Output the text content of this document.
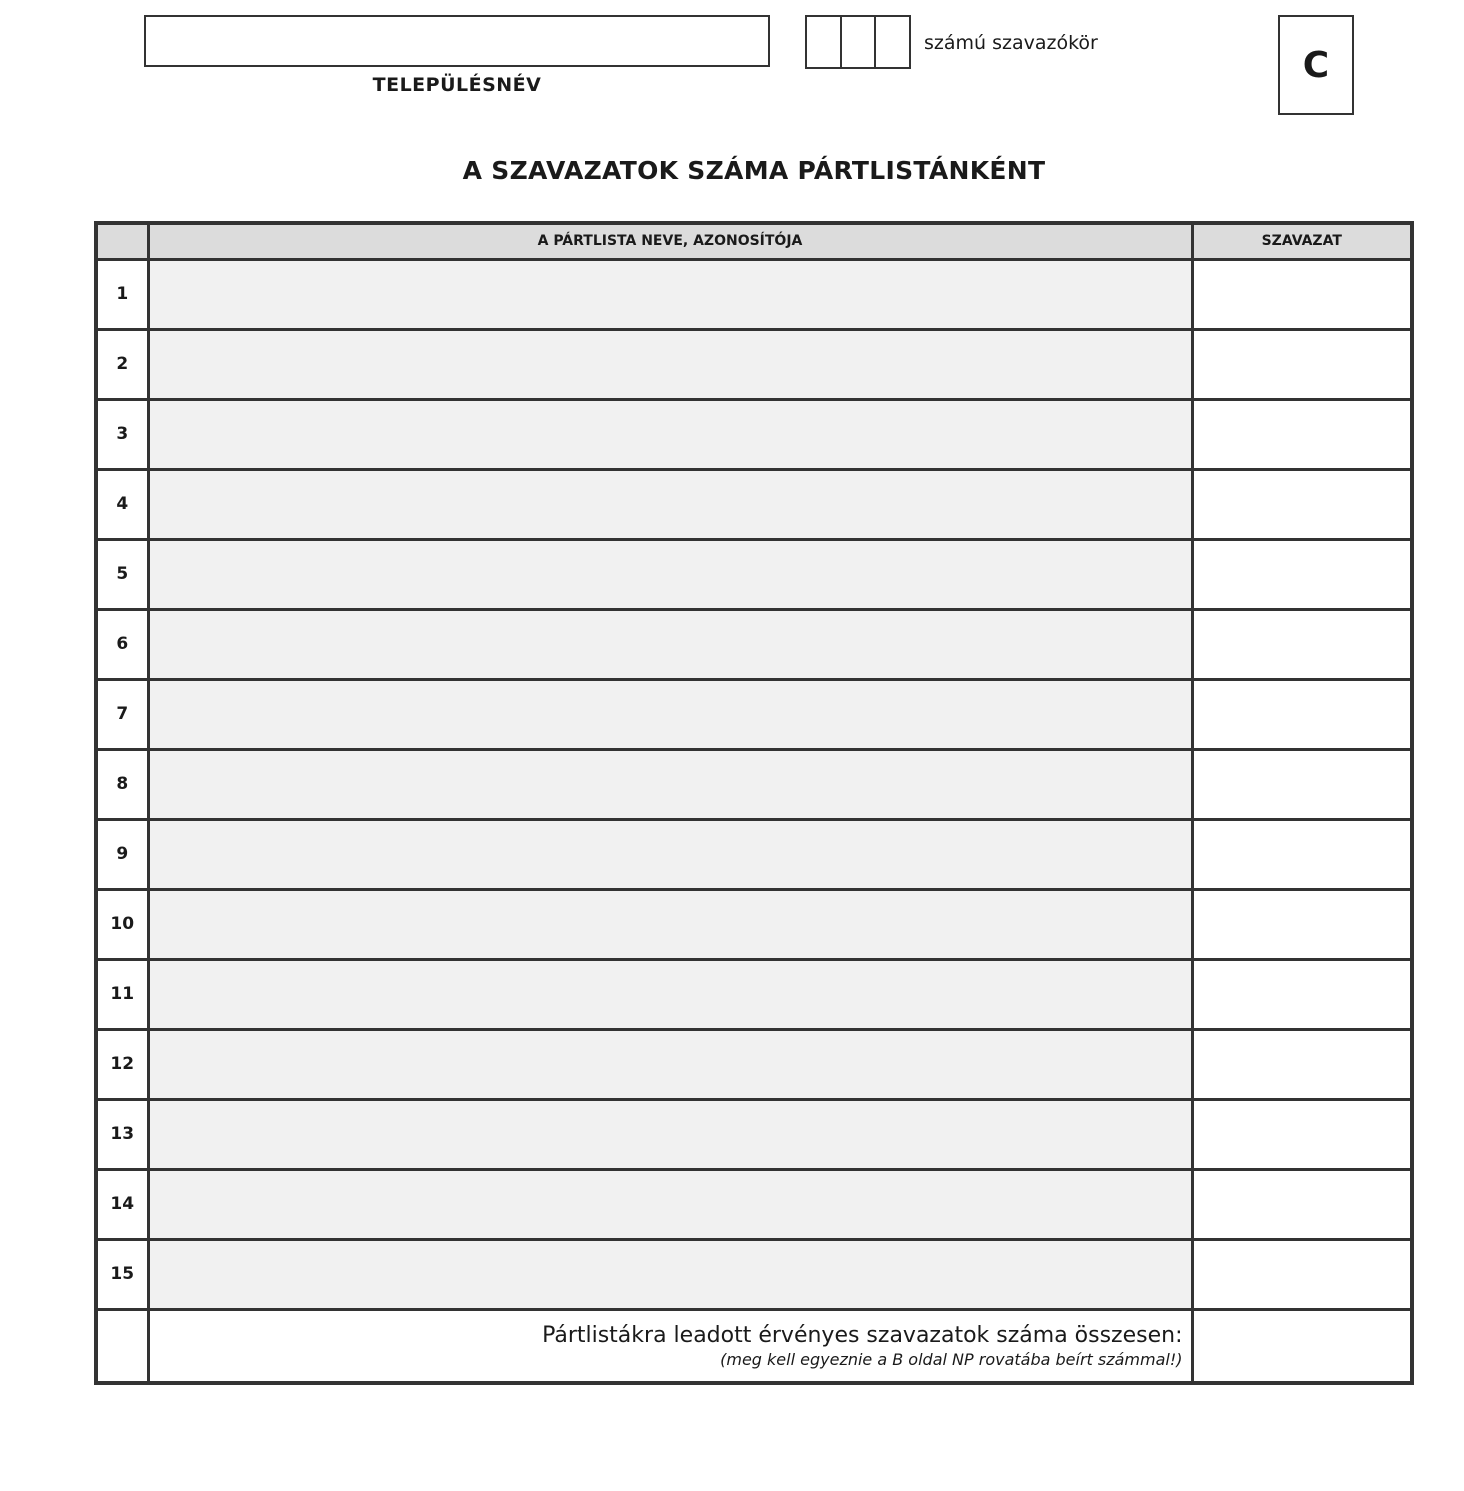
TELEPÜLÉSNÉV
számú szavazókör
C
A SZAVAZATOK SZÁMA PÁRTLISTÁNKÉNT
	A PÁRTLISTA NEVE, AZONOSÍTÓJA	SZAVAZAT
1		
2		
3		
4		
5		
6		
7		
8		
9		
10		
11		
12		
13		
14		
15		

	Pártlistákra leadott érvényes szavazatok száma összesen:
(meg kell egyeznie a B oldal NP rovatába beírt számmal!)	
